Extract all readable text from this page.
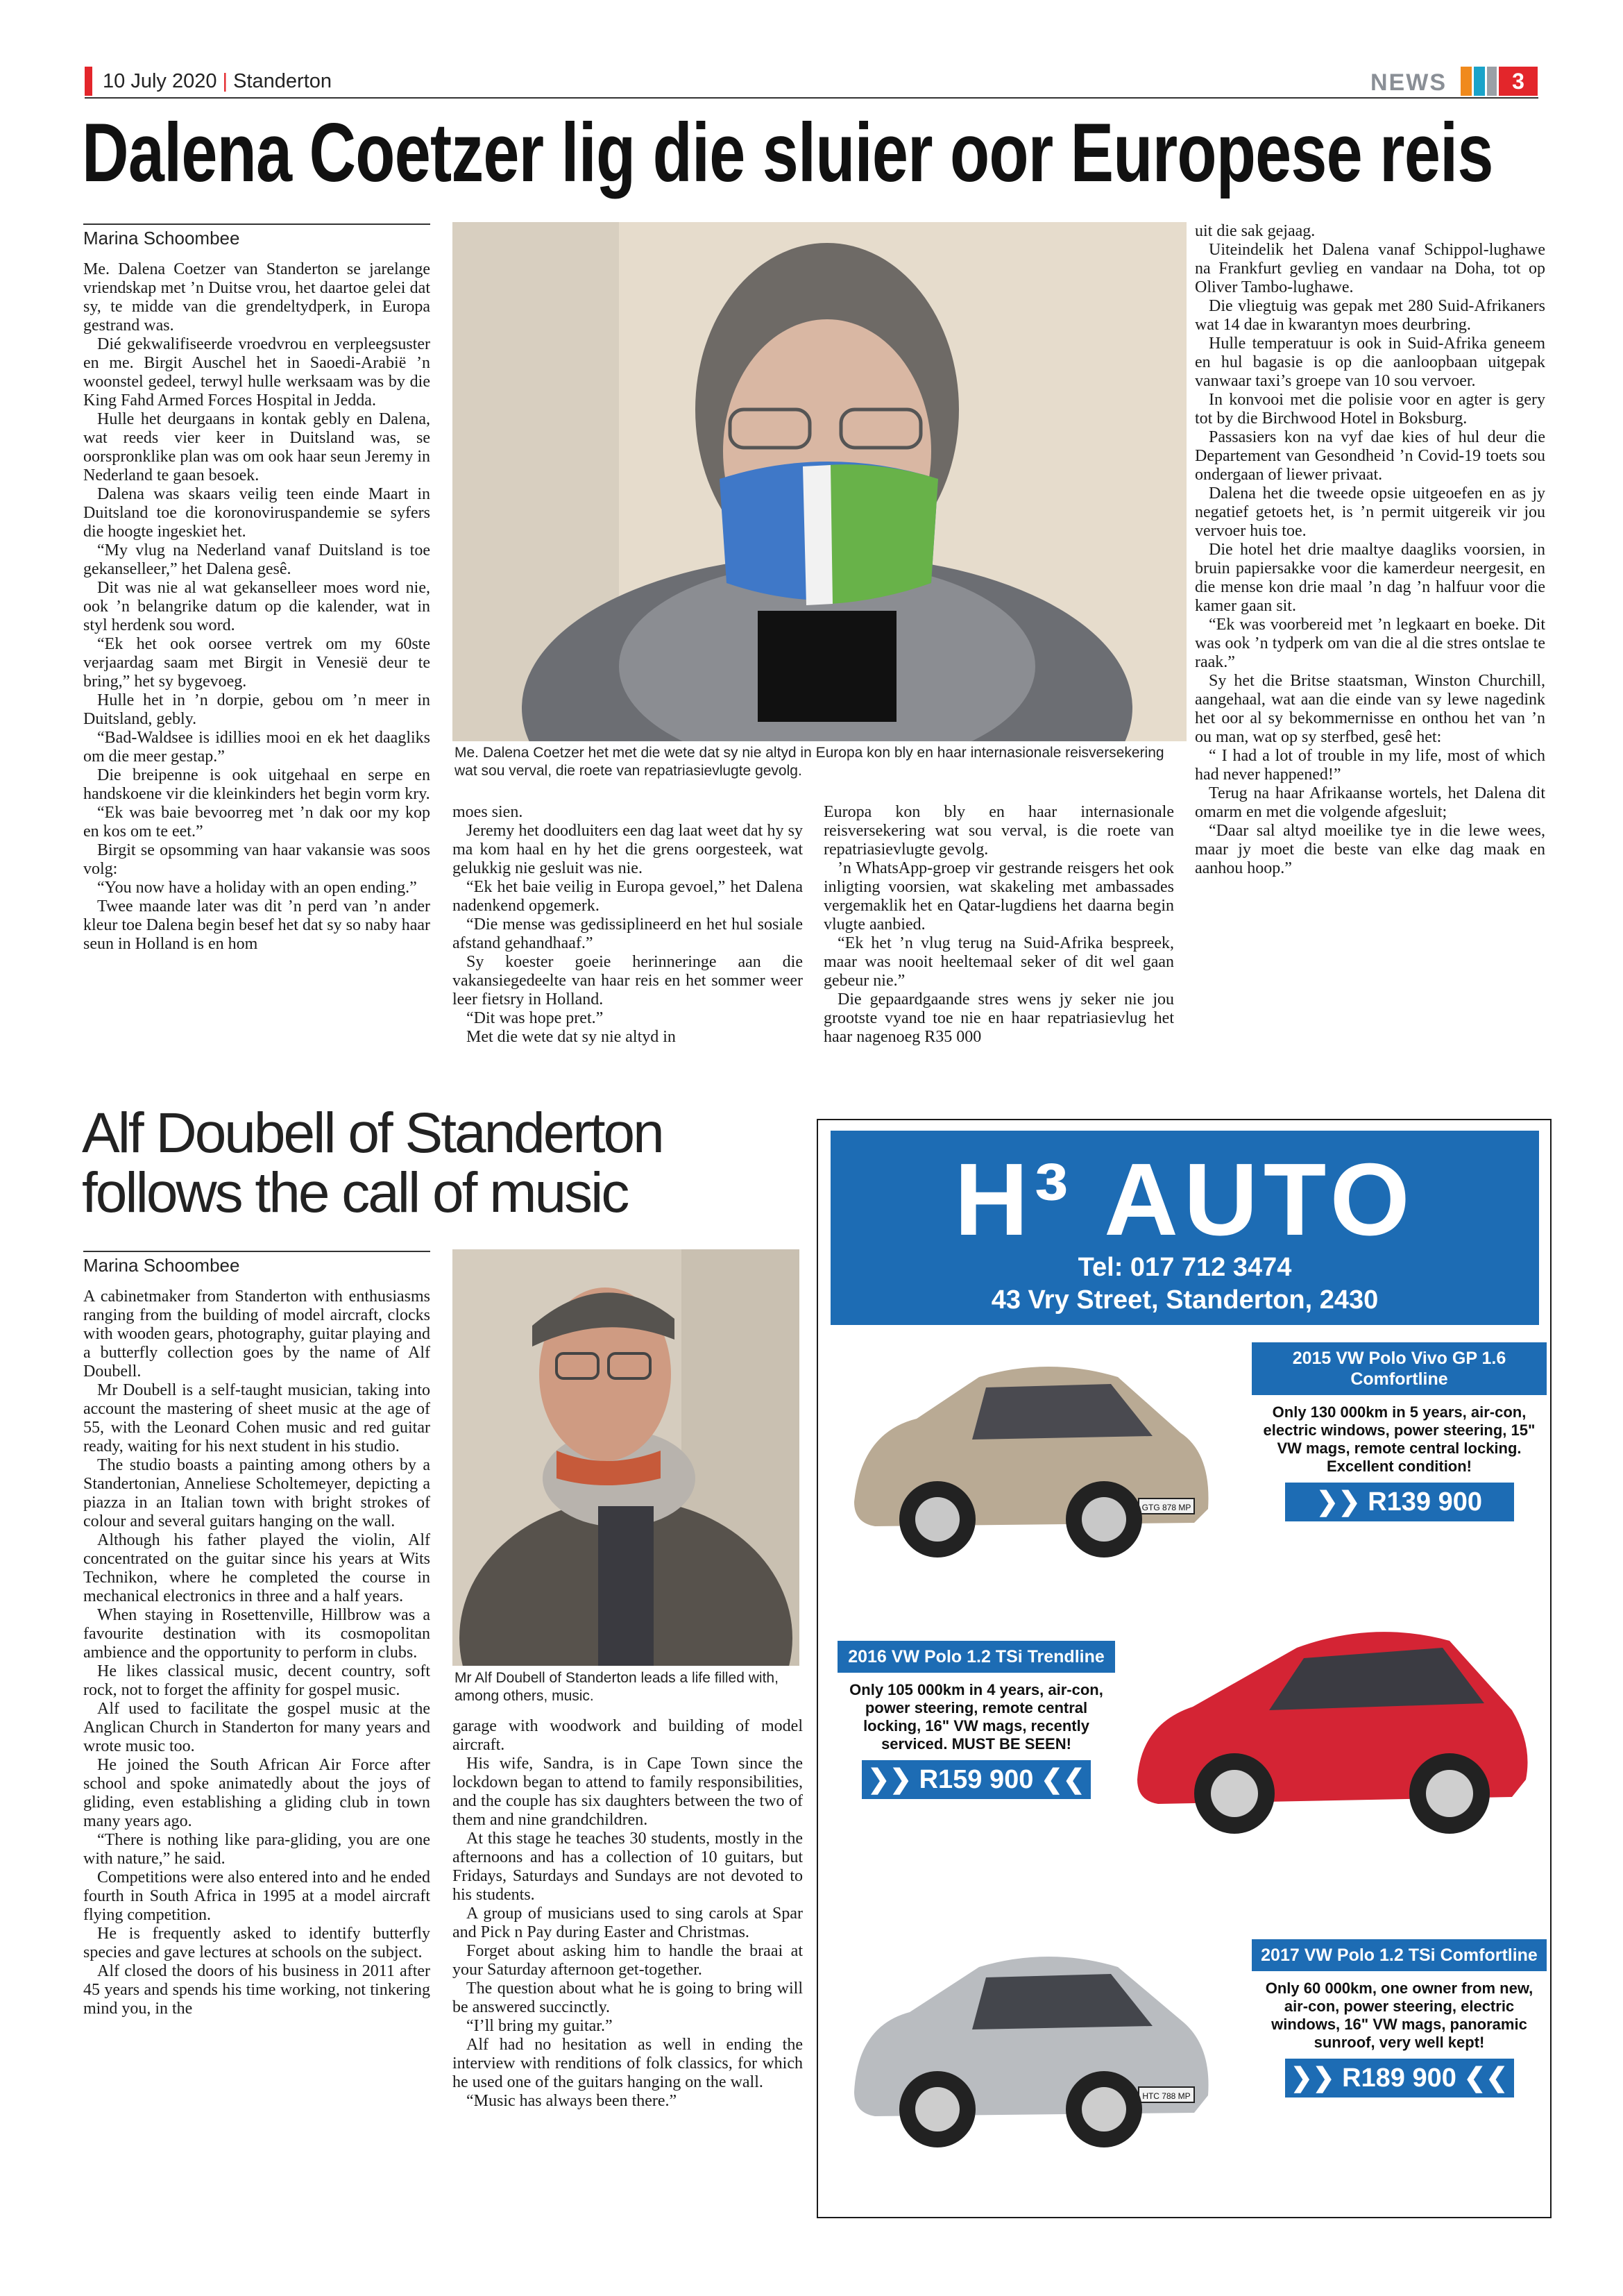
10 July 2020 | Standerton	NEWS	3
Dalena Coetzer lig die sluier oor Europese reis
Marina Schoombee

Me. Dalena Coetzer van Standerton se jarelange vriendskap met ’n Duitse vrou, het daartoe gelei dat sy, te midde van die grendeltydperk, in Europa gestrand was.

Dié gekwalifiseerde vroedvrou en verpleegsuster en me. Birgit Auschel het in Saoedi-Arabië ’n woonstel gedeel, terwyl hulle werksaam was by die King Fahd Armed Forces Hospital in Jedda.

Hulle het deurgaans in kontak gebly en Dalena, wat reeds vier keer in Duitsland was, se oorspronklike plan was om ook haar seun Jeremy in Nederland te gaan besoek.

Dalena was skaars veilig teen einde Maart in Duitsland toe die koronoviruspandemie se syfers die hoogte ingeskiet het.

“My vlug na Nederland vanaf Duitsland is toe gekanselleer,” het Dalena gesê.

Dit was nie al wat gekanselleer moes word nie, ook ’n belangrike datum op die kalender, wat in styl herdenk sou word.

“Ek het ook oorsee vertrek om my 60ste verjaardag saam met Birgit in Venesië deur te bring,” het sy bygevoeg.

Hulle het in ’n dorpie, gebou om ’n meer in Duitsland, gebly.

“Bad-Waldsee is idillies mooi en ek het daagliks om die meer gestap.”

Die breipenne is ook uitgehaal en serpe en handskoene vir die kleinkinders het begin vorm kry.

“Ek was baie bevoorreg met ’n dak oor my kop en kos om te eet.”

Birgit se opsomming van haar vakansie was soos volg:

“You now have a holiday with an open ending.”

Twee maande later was dit ’n perd van ’n ander kleur toe Dalena begin besef het dat sy so naby haar seun in Holland is en hom

Me. Dalena Coetzer het met die wete dat sy nie altyd in Europa kon bly en haar internasionale reisversekering wat sou verval, die roete van repatriasievlugte gevolg.

moes sien.

Jeremy het doodluiters een dag laat weet dat hy sy ma kom haal en hy het die grens oorgesteek, wat gelukkig nie gesluit was nie.

“Ek het baie veilig in Europa gevoel,” het Dalena nadenkend opgemerk.

“Die mense was gedissiplineerd en het hul sosiale afstand gehandhaaf.”

Sy koester goeie herinneringe aan die vakansiegedeelte van haar reis en het sommer weer leer fietsry in Holland.

“Dit was hope pret.”

Met die wete dat sy nie altyd in

Europa kon bly en haar internasionale reisversekering wat sou verval, is die roete van repatriasievlugte gevolg.

’n WhatsApp-groep vir gestrande reisgers het ook inligting voorsien, wat skakeling met ambassades vergemaklik het en Qatar-lugdiens het daarna begin vlugte aanbied.

“Ek het ’n vlug terug na Suid-Afrika bespreek, maar was nooit heeltemaal seker of dit wel gaan gebeur nie.”

Die gepaardgaande stres wens jy seker nie jou grootste vyand toe nie en haar repatriasievlug het haar nagenoeg R35 000

uit die sak gejaag.

Uiteindelik het Dalena vanaf Schippol-lughawe na Frankfurt gevlieg en vandaar na Doha, tot op Oliver Tambo-lughawe.

Die vliegtuig was gepak met 280 Suid-Afrikaners wat 14 dae in kwarantyn moes deurbring.

Hulle temperatuur is ook in Suid-Afrika geneem en hul bagasie is op die aanloopbaan uitgepak vanwaar taxi’s groepe van 10 sou vervoer.

In konvooi met die polisie voor en agter is gery tot by die Birchwood Hotel in Boksburg.

Passasiers kon na vyf dae kies of hul deur die Departement van Gesondheid ’n Covid-19 toets sou ondergaan of liewer privaat.

Dalena het die tweede opsie uitgeoefen en as jy negatief getoets het, is ’n permit uitgereik vir jou vervoer huis toe.

Die hotel het drie maaltye daagliks voorsien, in bruin papiersakke voor die kamerdeur neergesit, en die mense kon drie maal ’n dag ’n halfuur voor die kamer gaan sit.

“Ek was voorbereid met ’n legkaart en boeke. Dit was ook ’n tydperk om van die al die stres ontslae te raak.”

Sy het die Britse staatsman, Winston Churchill, aangehaal, wat aan die einde van sy lewe nagedink het oor al sy bekommernisse en onthou het van ’n ou man, wat op sy sterfbed, gesê het:

“ I had a lot of trouble in my life, most of which had never happened!”

Terug na haar Afrikaanse wortels, het Dalena dit omarm en met die volgende afgesluit;

“Daar sal altyd moeilike tye in die lewe wees, maar jy moet die beste van elke dag maak en aanhou hoop.”

Alf Doubell of Standerton follows the call of music
Marina Schoombee

A cabinetmaker from Standerton with enthusiasms ranging from the building of model aircraft, clocks with wooden gears, photography, guitar playing and a butterfly collection goes by the name of Alf Doubell.

Mr Doubell is a self-taught musician, taking into account the mastering of sheet music at the age of 55, with the Leonard Cohen music and red guitar ready, waiting for his next student in his studio.

The studio boasts a painting among others by a Standertonian, Anneliese Scholtemeyer, depicting a piazza in an Italian town with bright strokes of colour and several guitars hanging on the wall.

Although his father played the violin, Alf concentrated on the guitar since his years at Wits Technikon, where he completed the course in mechanical electronics in three and a half years.

When staying in Rosettenville, Hillbrow was a favourite destination with its cosmopolitan ambience and the opportunity to perform in clubs.

He likes classical music, decent country, soft rock, not to forget the affinity for gospel music.

Alf used to facilitate the gospel music at the Anglican Church in Standerton for many years and wrote music too.

He joined the South African Air Force after school and spoke animatedly about the joys of gliding, even establishing a gliding club in town many years ago.

“There is nothing like para-gliding, you are one with nature,” he said.

Competitions were also entered into and he ended fourth in South Africa in 1995 at a model aircraft flying competition.

He is frequently asked to identify butterfly species and gave lectures at schools on the subject.

Alf closed the doors of his business in 2011 after 45 years and spends his time working, not tinkering mind you, in the

Mr Alf Doubell of Standerton leads a life filled with, among others, music.

garage with woodwork and building of model aircraft.

His wife, Sandra, is in Cape Town since the lockdown began to attend to family responsibilities, and the couple has six daughters between the two of them and nine grandchildren.

At this stage he teaches 30 students, mostly in the afternoons and has a collection of 10 guitars, but Fridays, Saturdays and Sundays are not devoted to his students.

A group of musicians used to sing carols at Spar and Pick n Pay during Easter and Christmas.

Forget about asking him to handle the braai at your Saturday afternoon get-together.

The question about what he is going to bring will be answered succinctly.

“I’ll bring my guitar.”

Alf had no hesitation as well in ending the interview with renditions of folk classics, for which he used one of the guitars hanging on the wall.

“Music has always been there.”

H³ AUTO
Tel: 017 712 3474
43 Vry Street, Standerton, 2430
GTG 878 MP
2015 VW Polo Vivo GP 1.6 Comfortline
Only 130 000km in 5 years, air-con, electric windows, power steering, 15" VW mags, remote central locking. Excellent condition!
❯❯ R139 900
2016 VW Polo 1.2 TSi Trendline
Only 105 000km in 4 years, air-con, power steering, remote central locking, 16" VW mags, recently serviced. MUST BE SEEN!
❯❯ R159 900 ❮❮
HTC 788 MP
2017 VW Polo 1.2 TSi Comfortline
Only 60 000km, one owner from new, air-con, power steering, electric windows, 16" VW mags, panoramic sunroof, very well kept!
❯❯ R189 900 ❮❮
